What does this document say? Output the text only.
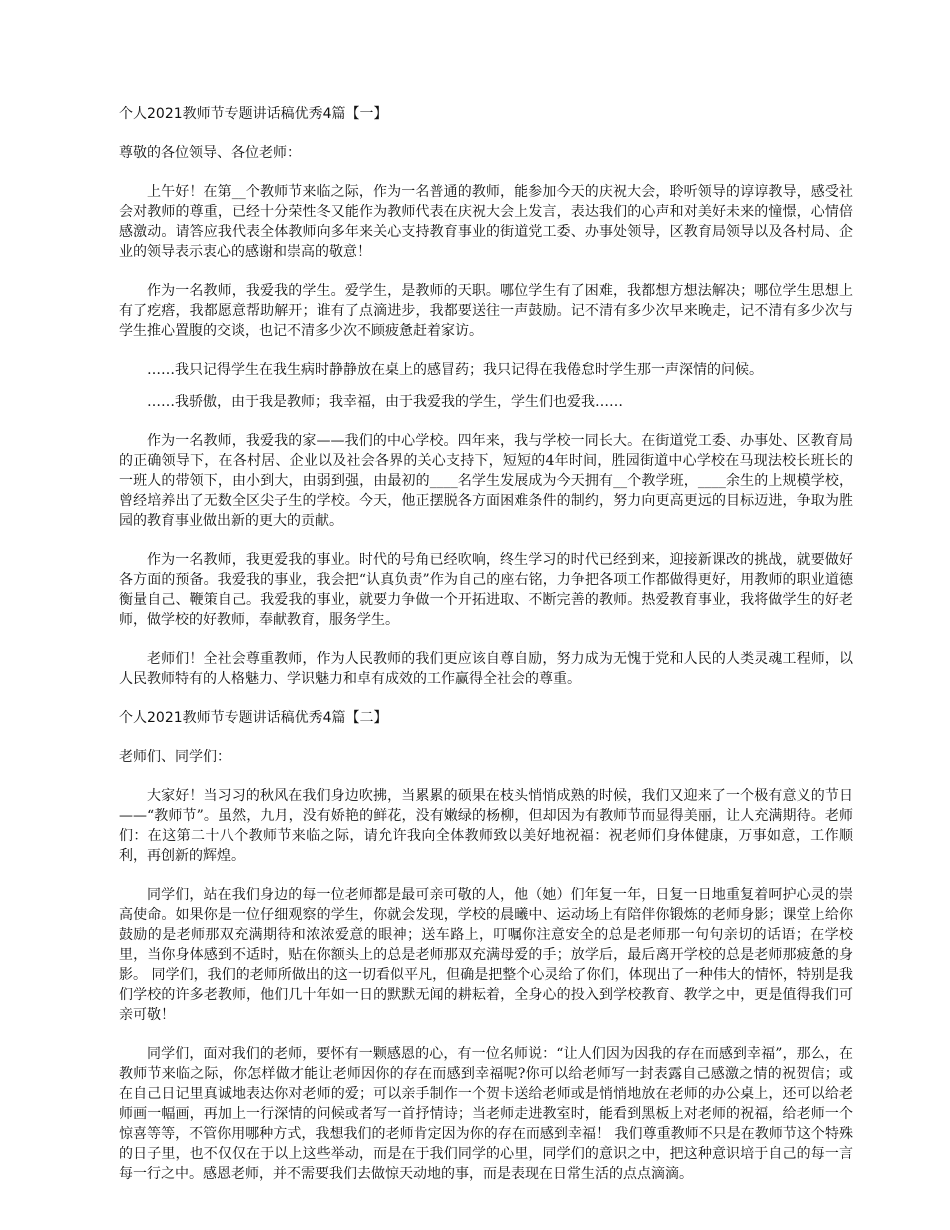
个人2021教师节专题讲话稿优秀4篇【一】
尊敬的各位领导、各位老师：

上午好！在第__个教师节来临之际，作为一名普通的教师，能参加今天的庆祝大会，聆听领导的谆谆教导，感受社会对教师的尊重，已经十分荣性冬又能作为教师代表在庆祝大会上发言，表达我们的心声和对美好未来的憧憬，心情倍感激动。请答应我代表全体教师向多年来关心支持教育事业的街道党工委、办事处领导，区教育局领导以及各村局、企业的领导表示衷心的感谢和崇高的敬意！

作为一名教师，我爱我的学生。爱学生，是教师的天职。哪位学生有了困难，我都想方想法解决；哪位学生思想上有了疙瘩，我都愿意帮助解开；谁有了点滴进步，我都要送往一声鼓励。记不清有多少次早来晚走，记不清有多少次与学生推心置腹的交谈，也记不清多少次不顾疲惫赶着家访。

……我只记得学生在我生病时静静放在桌上的感冒药；我只记得在我倦怠时学生那一声深情的问候。

……我骄傲，由于我是教师；我幸福，由于我爱我的学生，学生们也爱我……

作为一名教师，我爱我的家——我们的中心学校。四年来，我与学校一同长大。在街道党工委、办事处、区教育局的正确领导下，在各村居、企业以及社会各界的关心支持下，短短的4年时间，胜园街道中心学校在马现法校长班长的一班人的带领下，由小到大，由弱到强，由最初的____名学生发展成为今天拥有__个教学班，____余生的上规模学校，曾经培养出了无数全区尖子生的学校。今天，他正摆脱各方面困难条件的制约，努力向更高更远的目标迈进，争取为胜园的教育事业做出新的更大的贡献。

作为一名教师，我更爱我的事业。时代的号角已经吹响，终生学习的时代已经到来，迎接新课改的挑战，就要做好各方面的预备。我爱我的事业，我会把“认真负责”作为自己的座右铭，力争把各项工作都做得更好，用教师的职业道德衡量自己、鞭策自己。我爱我的事业，就要力争做一个开拓进取、不断完善的教师。热爱教育事业，我将做学生的好老师，做学校的好教师，奉献教育，服务学生。

老师们！全社会尊重教师，作为人民教师的我们更应该自尊自励，努力成为无愧于党和人民的人类灵魂工程师，以人民教师特有的人格魅力、学识魅力和卓有成效的工作赢得全社会的尊重。

个人2021教师节专题讲话稿优秀4篇【二】
老师们、同学们：

大家好！当习习的秋风在我们身边吹拂，当累累的硕果在枝头悄悄成熟的时候，我们又迎来了一个极有意义的节日——“教师节”。虽然，九月，没有娇艳的鲜花，没有嫩绿的杨柳，但却因为有教师节而显得美丽，让人充满期待。老师们：在这第二十八个教师节来临之际，请允许我向全体教师致以美好地祝福：祝老师们身体健康，万事如意，工作顺利，再创新的辉煌。

同学们，站在我们身边的每一位老师都是最可亲可敬的人，他（她）们年复一年，日复一日地重复着呵护心灵的崇高使命。如果你是一位仔细观察的学生，你就会发现，学校的晨曦中、运动场上有陪伴你锻炼的老师身影；课堂上给你鼓励的是老师那双充满期待和浓浓爱意的眼神；送车路上，叮嘱你注意安全的总是老师那一句句亲切的话语；在学校里，当你身体感到不适时，贴在你额头上的总是老师那双充满母爱的手；放学后，最后离开学校的总是老师那疲惫的身影。 同学们，我们的老师所做出的这一切看似平凡，但确是把整个心灵给了你们，体现出了一种伟大的情怀，特别是我们学校的许多老教师，他们几十年如一日的默默无闻的耕耘着，全身心的投入到学校教育、教学之中，更是值得我们可亲可敬！

同学们，面对我们的老师，要怀有一颗感恩的心，有一位名师说：“让人们因为因我的存在而感到幸福”，那么，在教师节来临之际，你怎样做才能让老师因你的存在而感到幸福呢?你可以给老师写一封表露自己感激之情的祝贺信；或在自己日记里真诚地表达你对老师的爱；可以亲手制作一个贺卡送给老师或是悄悄地放在老师的办公桌上，还可以给老师画一幅画，再加上一行深情的问候或者写一首抒情诗；当老师走进教室时，能看到黑板上对老师的祝福，给老师一个惊喜等等，不管你用哪种方式，我想我们的老师肯定因为你的存在而感到幸福！ 我们尊重教师不只是在教师节这个特殊的日子里，也不仅仅在于以上这些举动，而是在于我们同学的心里，同学们的意识之中，把这种意识培于自己的每一言每一行之中。感恩老师，并不需要我们去做惊天动地的事，而是表现在日常生活的点点滴滴。
